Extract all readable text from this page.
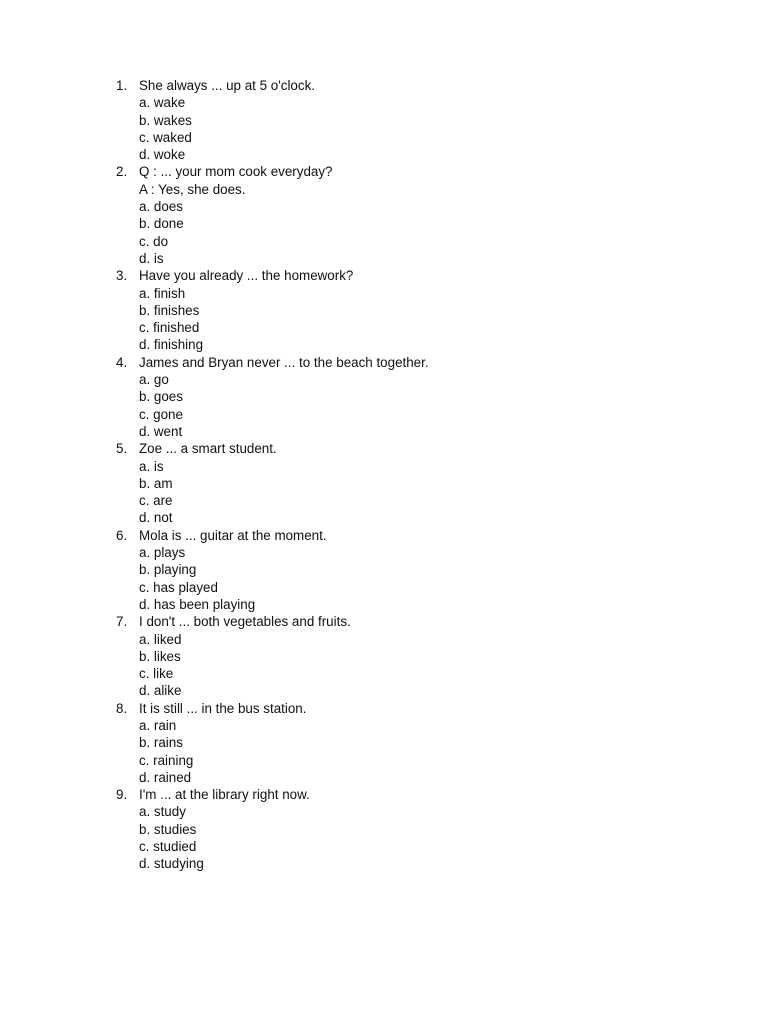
1. She always ... up at 5 o'clock.
a. wake
b. wakes
c. waked
d. woke
2. Q : ... your mom cook everyday?
A : Yes, she does.
a. does
b. done
c. do
d. is
3. Have you already ... the homework?
a. finish
b. finishes
c. finished
d. finishing
4. James and Bryan never ... to the beach together.
a. go
b. goes
c. gone
d. went
5. Zoe ... a smart student.
a. is
b. am
c. are
d. not
6. Mola is ... guitar at the moment.
a. plays
b. playing
c. has played
d. has been playing
7. I don't ... both vegetables and fruits.
a. liked
b. likes
c. like
d. alike
8. It is still ... in the bus station.
a. rain
b. rains
c. raining
d. rained
9. I'm ... at the library right now.
a. study
b. studies
c. studied
d. studying
